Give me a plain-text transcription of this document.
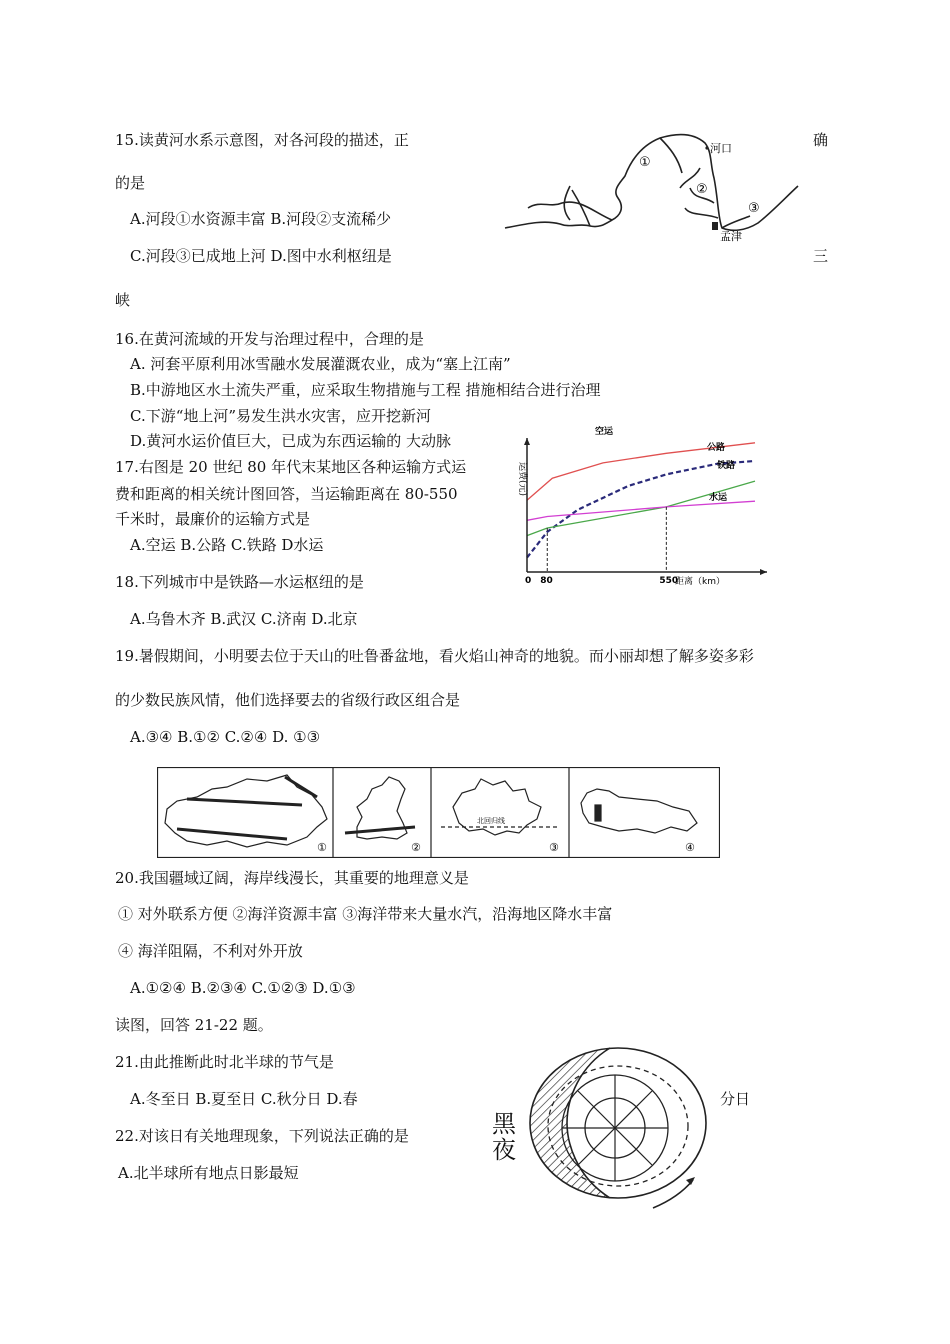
15.读黄河水系示意图，对各河段的描述，正	确
的是
A.河段①水资源丰富 B.河段②支流稀少
C.河段③已成地上河 D.图中水利枢纽是	三
峡
①
②
③
河口
孟津
16.在黄河流域的开发与治理过程中，合理的是
A. 河套平原利用冰雪融水发展灌溉农业，成为“塞上江南”
B.中游地区水土流失严重，应采取生物措施与工程 措施相结合进行治理
C.下游“地上河”易发生洪水灾害，应开挖新河
D.黄河水运价值巨大，已成为东西运输的 大动脉
17.右图是 20 世纪 80 年代末某地区各种运输方式运
费和距离的相关统计图回答，当运输距离在 80-550
千米时，最廉价的运输方式是
A.空运 B.公路 C.铁路 D水运
0 80	550
距离（km）
运费(元)
空运
公路
铁路
水运
18.下列城市中是铁路—水运枢纽的是
A.乌鲁木齐 B.武汉 C.济南 D.北京
19.暑假期间，小明要去位于天山的吐鲁番盆地，看火焰山神奇的地貌。而小丽却想了解多姿多彩
的少数民族风情，他们选择要去的省级行政区组合是
A.③④ B.①② C.②④ D. ①③
①	②
北回归线
③	④
20.我国疆域辽阔，海岸线漫长，其重要的地理意义是
① 对外联系方便 ②海洋资源丰富 ③海洋带来大量水汽，沿海地区降水丰富
④ 海洋阻隔，不利对外开放
A.①②④ B.②③④ C.①②③ D.①③
读图，回答 21-22 题。
21.由此推断此时北半球的节气是
A.冬至日 B.夏至日 C.秋分日 D.春	分日
22.对该日有关地理现象，下列说法正确的是
A.北半球所有地点日影最短
黑
夜
